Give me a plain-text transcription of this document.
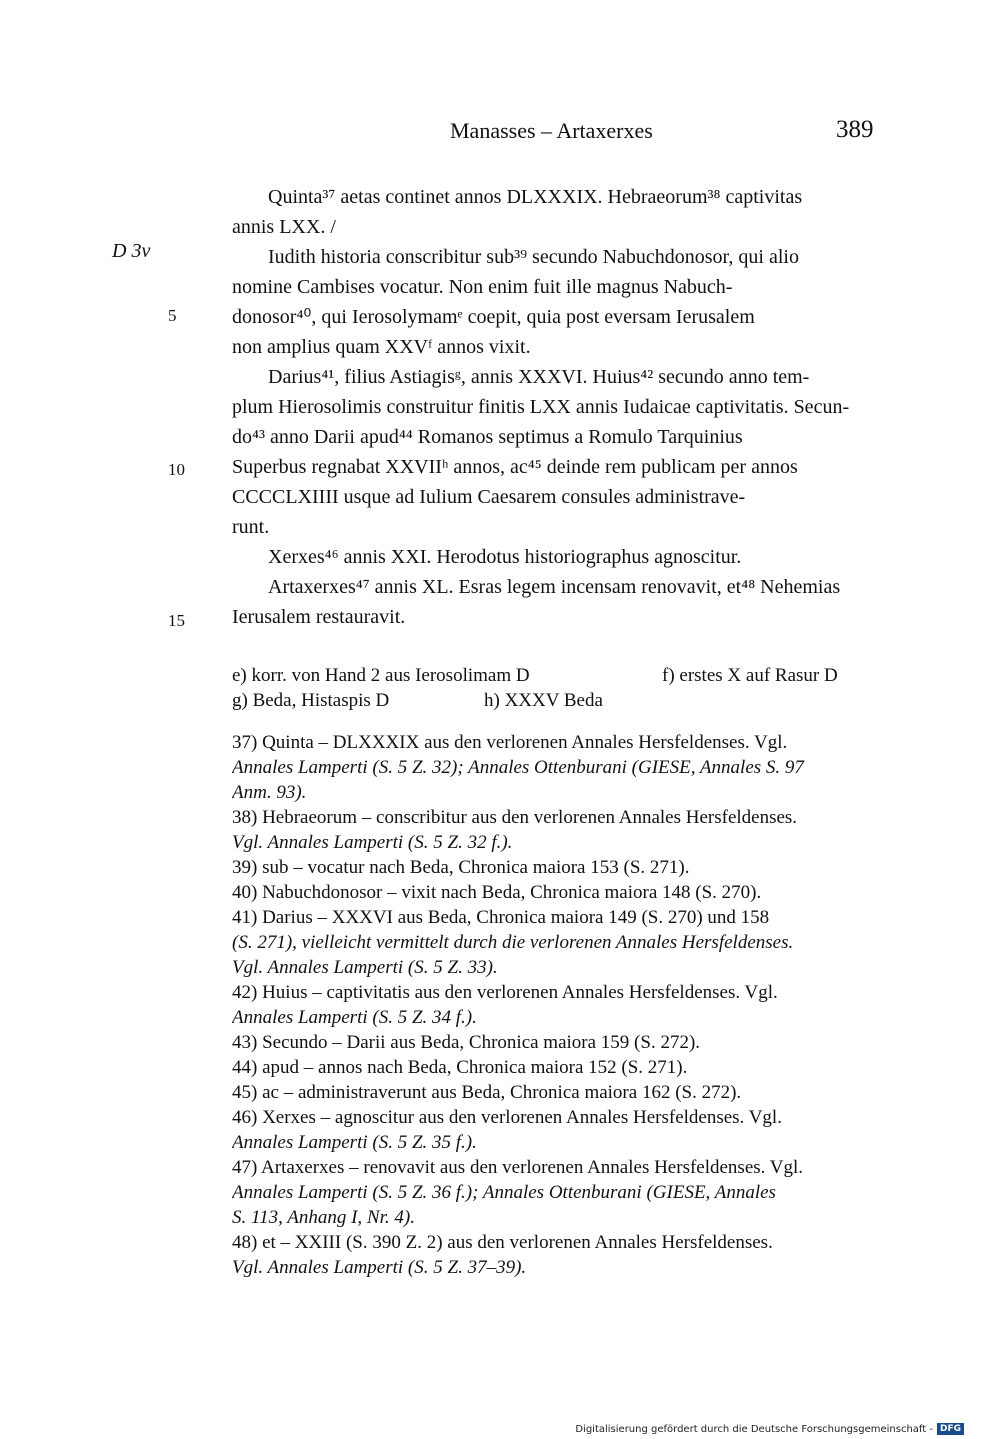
Manasses – Artaxerxes	389
D 3v
5
10
15
Quinta³⁷ aetas continet annos DLXXXIX. Hebraeorum³⁸ captivitas
annis LXX. /
Iudith historia conscribitur sub³⁹ secundo Nabuchdonosor, qui alio
nomine Cambises vocatur. Non enim fuit ille magnus Nabuch-
donosor⁴⁰, qui Ierosolymamᵉ coepit, quia post eversam Ierusalem
non amplius quam XXVᶠ annos vixit.
Darius⁴¹, filius Astiagisᵍ, annis XXXVI. Huius⁴² secundo anno tem-
plum Hierosolimis construitur finitis LXX annis Iudaicae captivitatis. Secun-
do⁴³ anno Darii apud⁴⁴ Romanos septimus a Romulo Tarquinius
Superbus regnabat XXVIIʰ annos, ac⁴⁵ deinde rem publicam per annos
CCCCLXIIII usque ad Iulium Caesarem consules administrave-
runt.
Xerxes⁴⁶ annis XXI. Herodotus historiographus agnoscitur.
Artaxerxes⁴⁷ annis XL. Esras legem incensam renovavit, et⁴⁸ Nehemias
Ierusalem restauravit.
e) korr. von Hand 2 aus Ierosolimam D	f) erstes X auf Rasur D
g) Beda, Histaspis D	h) XXXV Beda
37) Quinta – DLXXXIX aus den verlorenen Annales Hersfeldenses. Vgl.
Annales Lamperti (S. 5 Z. 32); Annales Ottenburani (GIESE, Annales S. 97
Anm. 93).
38) Hebraeorum – conscribitur aus den verlorenen Annales Hersfeldenses.
Vgl. Annales Lamperti (S. 5 Z. 32 f.).
39) sub – vocatur nach Beda, Chronica maiora 153 (S. 271).
40) Nabuchdonosor – vixit nach Beda, Chronica maiora 148 (S. 270).
41) Darius – XXXVI aus Beda, Chronica maiora 149 (S. 270) und 158
(S. 271), vielleicht vermittelt durch die verlorenen Annales Hersfeldenses.
Vgl. Annales Lamperti (S. 5 Z. 33).
42) Huius – captivitatis aus den verlorenen Annales Hersfeldenses. Vgl.
Annales Lamperti (S. 5 Z. 34 f.).
43) Secundo – Darii aus Beda, Chronica maiora 159 (S. 272).
44) apud – annos nach Beda, Chronica maiora 152 (S. 271).
45) ac – administraverunt aus Beda, Chronica maiora 162 (S. 272).
46) Xerxes – agnoscitur aus den verlorenen Annales Hersfeldenses. Vgl.
Annales Lamperti (S. 5 Z. 35 f.).
47) Artaxerxes – renovavit aus den verlorenen Annales Hersfeldenses. Vgl.
Annales Lamperti (S. 5 Z. 36 f.); Annales Ottenburani (GIESE, Annales
S. 113, Anhang I, Nr. 4).
48) et – XXIII (S. 390 Z. 2) aus den verlorenen Annales Hersfeldenses.
Vgl. Annales Lamperti (S. 5 Z. 37–39).
Digitalisierung gefördert durch die Deutsche Forschungsgemeinschaft - DFG
